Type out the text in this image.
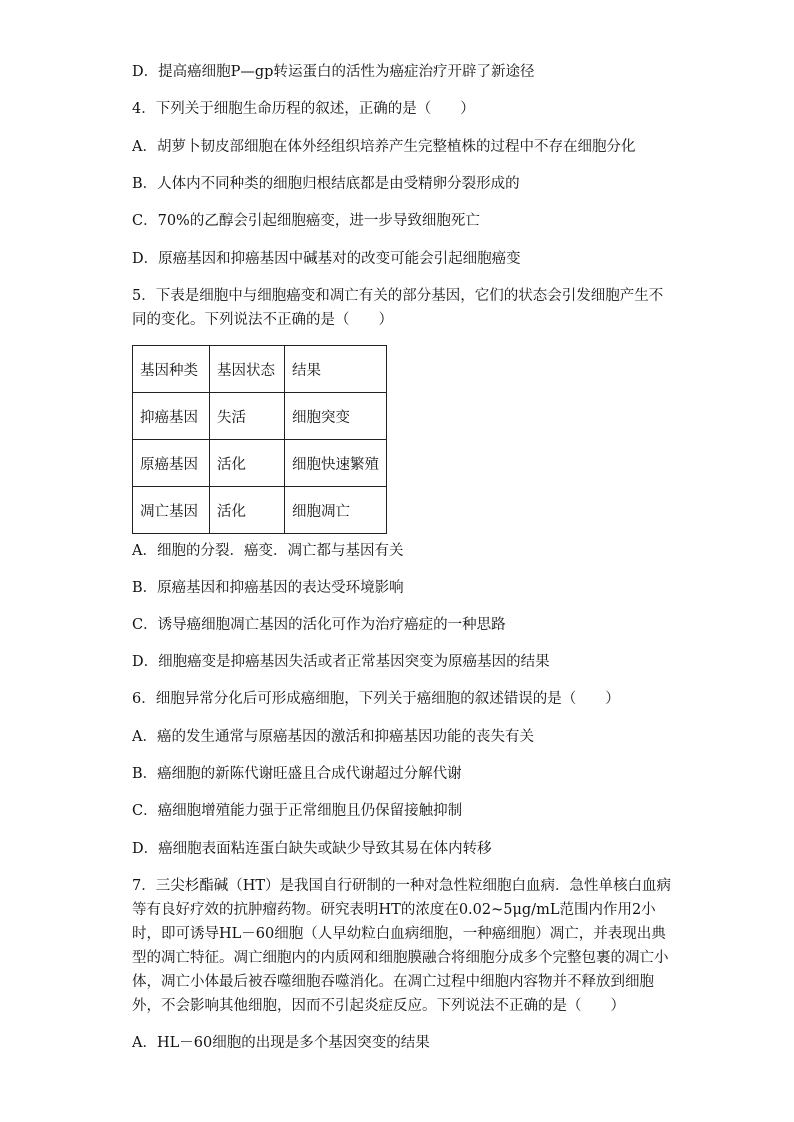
D．提高癌细胞P—gp转运蛋白的活性为癌症治疗开辟了新途径
4．下列关于细胞生命历程的叙述，正确的是（　　）
A．胡萝卜韧皮部细胞在体外经组织培养产生完整植株的过程中不存在细胞分化
B．人体内不同种类的细胞归根结底都是由受精卵分裂形成的
C．70%的乙醇会引起细胞癌变，进一步导致细胞死亡
D．原癌基因和抑癌基因中碱基对的改变可能会引起细胞癌变
5．下表是细胞中与细胞癌变和凋亡有关的部分基因，它们的状态会引发细胞产生不同的变化。下列说法不正确的是（　　）
基因种类	基因状态	结果
抑癌基因	失活	细胞突变
原癌基因	活化	细胞快速繁殖
凋亡基因	活化	细胞凋亡
A．细胞的分裂．癌变．凋亡都与基因有关
B．原癌基因和抑癌基因的表达受环境影响
C．诱导癌细胞凋亡基因的活化可作为治疗癌症的一种思路
D．细胞癌变是抑癌基因失活或者正常基因突变为原癌基因的结果
6．细胞异常分化后可形成癌细胞，下列关于癌细胞的叙述错误的是（　　）
A．癌的发生通常与原癌基因的激活和抑癌基因功能的丧失有关
B．癌细胞的新陈代谢旺盛且合成代谢超过分解代谢
C．癌细胞增殖能力强于正常细胞且仍保留接触抑制
D．癌细胞表面粘连蛋白缺失或缺少导致其易在体内转移
7．三尖杉酯碱（HT）是我国自行研制的一种对急性粒细胞白血病．急性单核白血病等有良好疗效的抗肿瘤药物。研究表明HT的浓度在0.02~5μg/mL范围内作用2小时，即可诱导HL－60细胞（人早幼粒白血病细胞，一种癌细胞）凋亡，并表现出典型的凋亡特征。凋亡细胞内的内质网和细胞膜融合将细胞分成多个完整包裹的凋亡小体，凋亡小体最后被吞噬细胞吞噬消化。在凋亡过程中细胞内容物并不释放到细胞外，不会影响其他细胞，因而不引起炎症反应。下列说法不正确的是（　　）
A．HL－60细胞的出现是多个基因突变的结果
